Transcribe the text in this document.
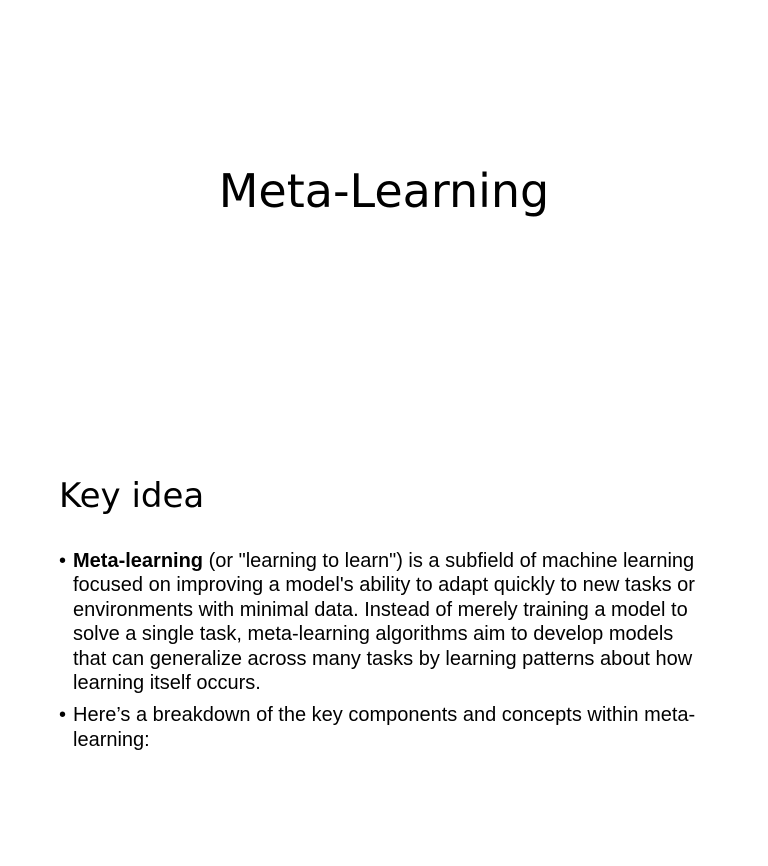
Meta-Learning
Key idea
• Meta-learning (or "learning to learn") is a subfield of machine learning focused on improving a model's ability to adapt quickly to new tasks or environments with minimal data. Instead of merely training a model to solve a single task, meta-learning algorithms aim to develop models that can generalize across many tasks by learning patterns about how learning itself occurs.
• Here’s a breakdown of the key components and concepts within meta-learning:
